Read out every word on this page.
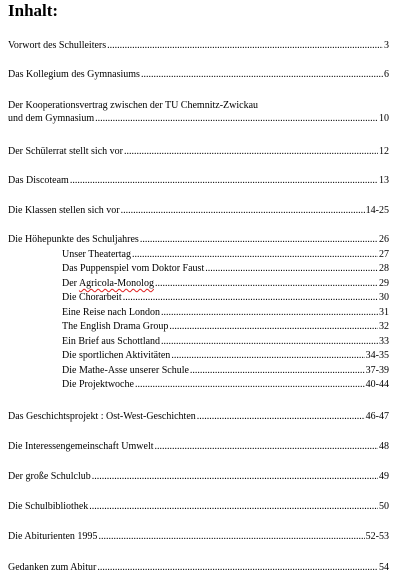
Inhalt:
Vorwort des Schulleiters .....	3
Das Kollegium des Gymnasiums .....	6
Der Kooperationsvertrag zwischen der TU Chemnitz-Zwickau
und dem Gymnasium .....	10
Der Schülerrat stellt sich vor .....	12
Das Discoteam .....	13
Die Klassen stellen sich vor .....	14-25
Die Höhepunkte des Schuljahres .....	26
Unser Theatertag .....	27
Das Puppenspiel vom Doktor Faust .....	28
Der Agricola-Monolog .....	29
Die Chorarbeit .....	30
Eine Reise nach London .....	31
The English Drama Group .....	32
Ein Brief aus Schottland .....	33
Die sportlichen Aktivitäten .....	34-35
Die Mathe-Asse unserer Schule .....	37-39
Die Projektwoche .....	40-44
Das Geschichtsprojekt : Ost-West-Geschichten .....	46-47
Die Interessengemeinschaft Umwelt .....	48
Der große Schulclub .....	49
Die Schulbibliothek .....	50
Die Abiturienten 1995 .....	52-53
Gedanken zum Abitur .....	54
